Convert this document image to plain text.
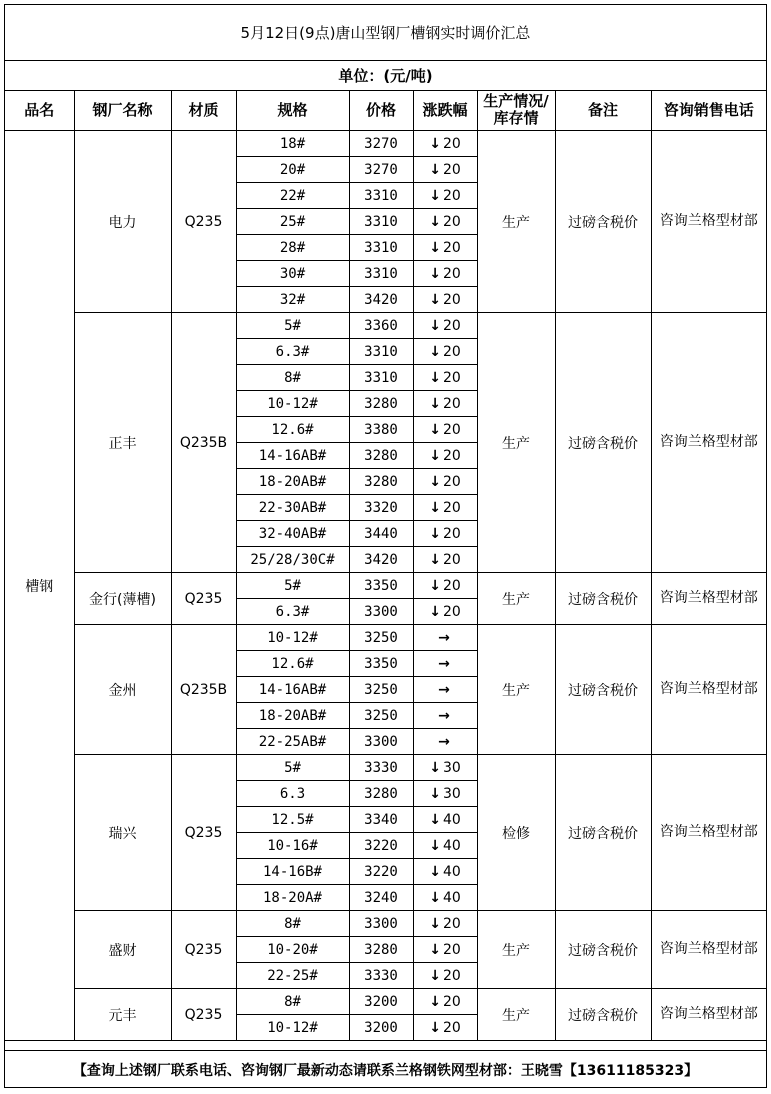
5月12日(9点)唐山型钢厂槽钢实时调价汇总
单位：(元/吨)
品名	钢厂名称	材质	规格	价格	涨跌幅	生产情况/库存情	备注	咨询销售电话
槽钢	电力	Q235	18#	3270	↓ 20	生产	过磅含税价	咨询兰格型材部
			20#	3270	↓ 20			
			22#	3310	↓ 20			
			25#	3310	↓ 20			
			28#	3310	↓ 20			
			30#	3310	↓ 20			
			32#	3420	↓ 20			
	正丰	Q235B	5#	3360	↓ 20	生产	过磅含税价	咨询兰格型材部
			6.3#	3310	↓ 20			
			8#	3310	↓ 20			
			10-12#	3280	↓ 20			
			12.6#	3380	↓ 20			
			14-16AB#	3280	↓ 20			
			18-20AB#	3280	↓ 20			
			22-30AB#	3320	↓ 20			
			32-40AB#	3440	↓ 20			
			25/28/30C#	3420	↓ 20			
	金行(薄槽)	Q235	5#	3350	↓ 20	生产	过磅含税价	咨询兰格型材部
			6.3#	3300	↓ 20			
	金州	Q235B	10-12#	3250	→	生产	过磅含税价	咨询兰格型材部
			12.6#	3350	→			
			14-16AB#	3250	→			
			18-20AB#	3250	→			
			22-25AB#	3300	→			
	瑞兴	Q235	5#	3330	↓ 30	检修	过磅含税价	咨询兰格型材部
			6.3	3280	↓ 30			
			12.5#	3340	↓ 40			
			10-16#	3220	↓ 40			
			14-16B#	3220	↓ 40			
			18-20A#	3240	↓ 40			
	盛财	Q235	8#	3300	↓ 20	生产	过磅含税价	咨询兰格型材部
			10-20#	3280	↓ 20			
			22-25#	3330	↓ 20			
	元丰	Q235	8#	3200	↓ 20	生产	过磅含税价	咨询兰格型材部
			10-12#	3200	↓ 20			
【查询上述钢厂联系电话、咨询钢厂最新动态请联系兰格钢铁网型材部：王晓雪【13611185323】
